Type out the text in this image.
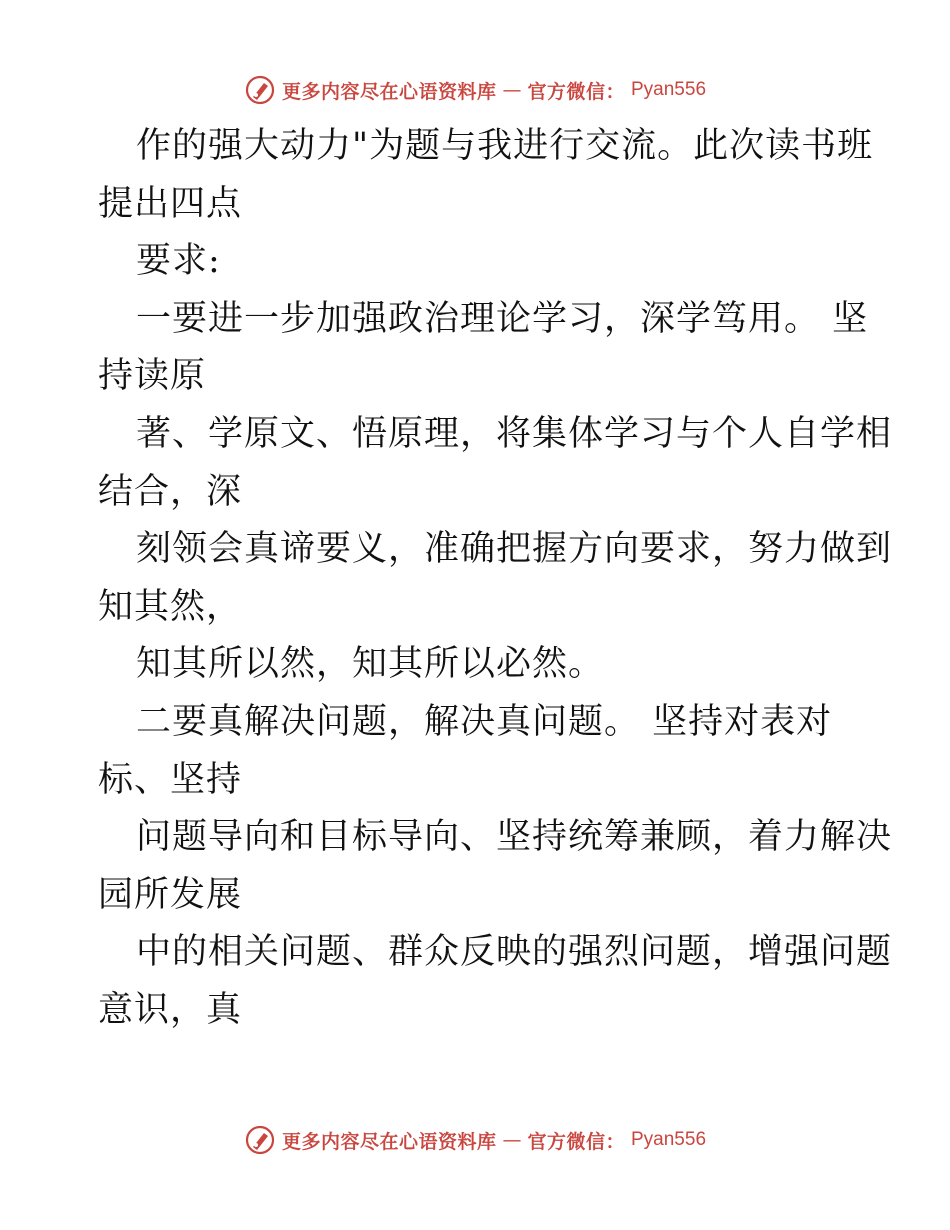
更多内容尽在心语资料库 — 官方微信： Pyan556
作的强大动力"为题与我进行交流。此次读书班
提出四点
要求:
一要进一步加强政治理论学习，深学笃用。 坚
持读原
著、学原文、悟原理，将集体学习与个人自学相
结合，深
刻领会真谛要义，准确把握方向要求，努力做到
知其然，
知其所以然，知其所以必然。
二要真解决问题，解决真问题。 坚持对表对
标、坚持
问题导向和目标导向、坚持统筹兼顾，着力解决
园所发展
中的相关问题、群众反映的强烈问题，增强问题
意识，真
更多内容尽在心语资料库 — 官方微信： Pyan556
